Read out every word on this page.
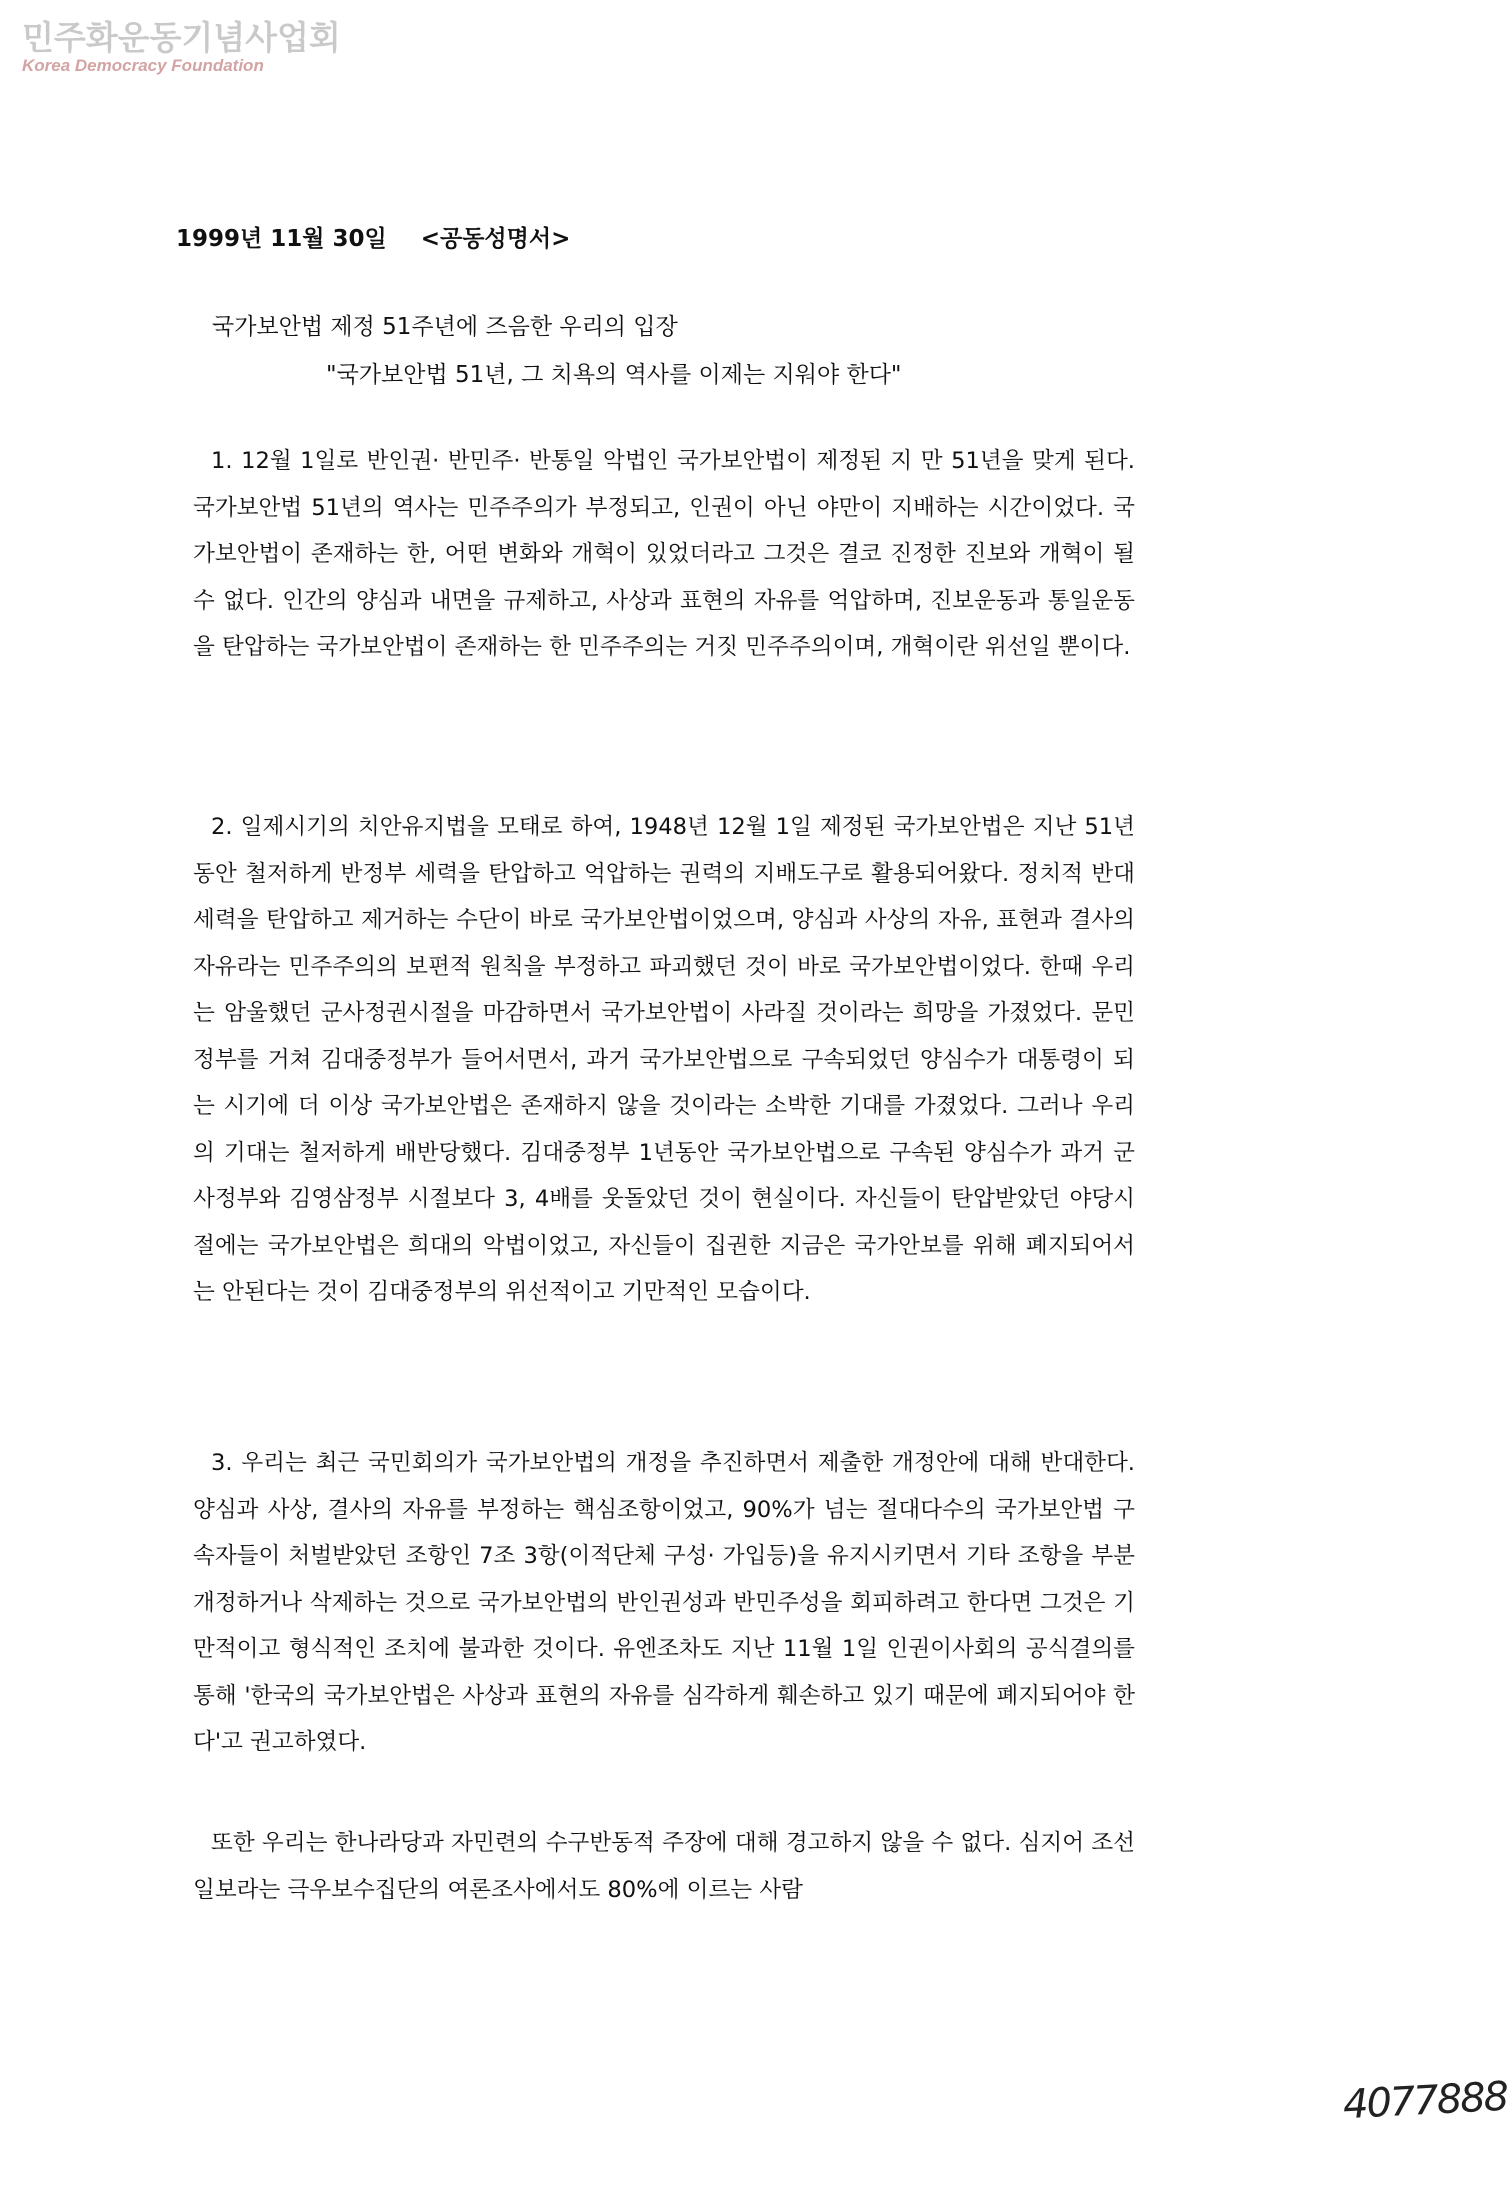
민주화운동기념사업회
Korea Democracy Foundation
1999년 11월 30일 <공동성명서>
국가보안법 제정 51주년에 즈음한 우리의 입장
"국가보안법 51년, 그 치욕의 역사를 이제는 지워야 한다"

1. 12월 1일로 반인권· 반민주· 반통일 악법인 국가보안법이 제정된 지 만 51년을 맞게 된다. 국가보안법 51년의 역사는 민주주의가 부정되고, 인권이 아닌 야만이 지배하는 시간이었다. 국가보안법이 존재하는 한, 어떤 변화와 개혁이 있었더라고 그것은 결코 진정한 진보와 개혁이 될 수 없다. 인간의 양심과 내면을 규제하고, 사상과 표현의 자유를 억압하며, 진보운동과 통일운동을 탄압하는 국가보안법이 존재하는 한 민주주의는 거짓 민주주의이며, 개혁이란 위선일 뿐이다.

2. 일제시기의 치안유지법을 모태로 하여, 1948년 12월 1일 제정된 국가보안법은 지난 51년동안 철저하게 반정부 세력을 탄압하고 억압하는 권력의 지배도구로 활용되어왔다. 정치적 반대세력을 탄압하고 제거하는 수단이 바로 국가보안법이었으며, 양심과 사상의 자유, 표현과 결사의 자유라는 민주주의의 보편적 원칙을 부정하고 파괴했던 것이 바로 국가보안법이었다. 한때 우리는 암울했던 군사정권시절을 마감하면서 국가보안법이 사라질 것이라는 희망을 가졌었다. 문민정부를 거쳐 김대중정부가 들어서면서, 과거 국가보안법으로 구속되었던 양심수가 대통령이 되는 시기에 더 이상 국가보안법은 존재하지 않을 것이라는 소박한 기대를 가졌었다. 그러나 우리의 기대는 철저하게 배반당했다. 김대중정부 1년동안 국가보안법으로 구속된 양심수가 과거 군사정부와 김영삼정부 시절보다 3, 4배를 웃돌았던 것이 현실이다. 자신들이 탄압받았던 야당시절에는 국가보안법은 희대의 악법이었고, 자신들이 집권한 지금은 국가안보를 위해 폐지되어서는 안된다는 것이 김대중정부의 위선적이고 기만적인 모습이다.

3. 우리는 최근 국민회의가 국가보안법의 개정을 추진하면서 제출한 개정안에 대해 반대한다. 양심과 사상, 결사의 자유를 부정하는 핵심조항이었고, 90%가 넘는 절대다수의 국가보안법 구속자들이 처벌받았던 조항인 7조 3항(이적단체 구성· 가입등)을 유지시키면서 기타 조항을 부분개정하거나 삭제하는 것으로 국가보안법의 반인권성과 반민주성을 회피하려고 한다면 그것은 기만적이고 형식적인 조치에 불과한 것이다. 유엔조차도 지난 11월 1일 인권이사회의 공식결의를 통해 '한국의 국가보안법은 사상과 표현의 자유를 심각하게 훼손하고 있기 때문에 폐지되어야 한다'고 권고하였다.

또한 우리는 한나라당과 자민련의 수구반동적 주장에 대해 경고하지 않을 수 없다. 심지어 조선일보라는 극우보수집단의 여론조사에서도 80%에 이르는 사람

4077888
